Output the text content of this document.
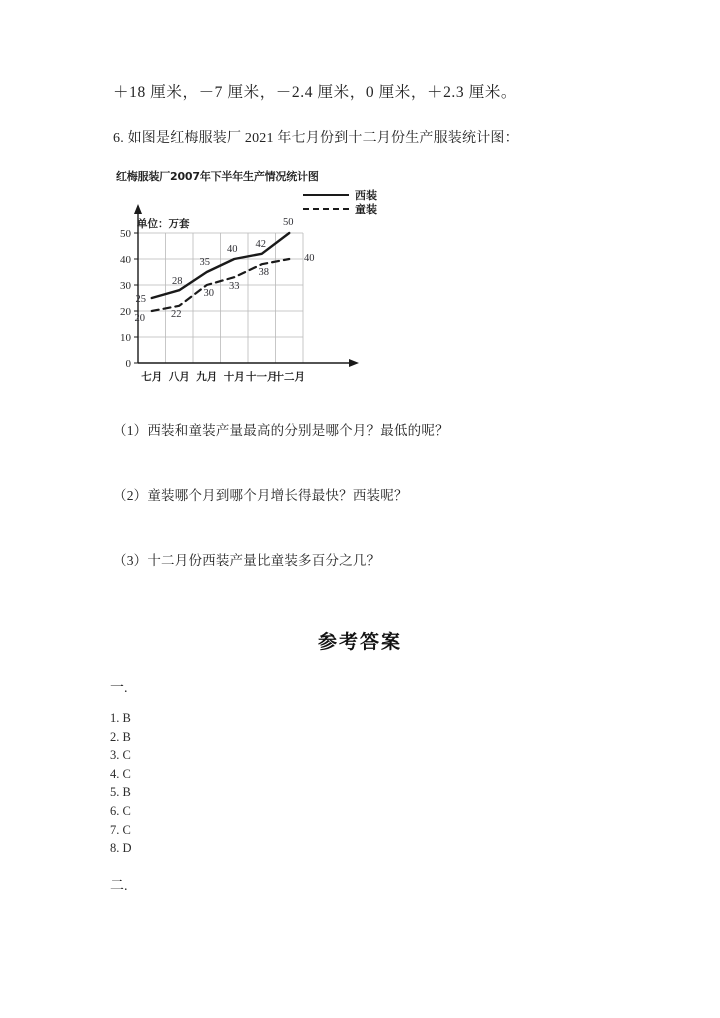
＋18 厘米，－7 厘米，－2.4 厘米，0 厘米，＋2.3 厘米。
6. 如图是红梅服装厂 2021 年七月份到十二月份生产服装统计图：
红梅服装厂2007年下半年生产情况统计图
西装
童装
单位：万套
0
10
20
30
40
50
七月 八月 九月 十月 十一月
十二月
25
28
35
40 42
50
20 22
30
33
38
40
（1）西装和童装产量最高的分别是哪个月？最低的呢？
（2）童装哪个月到哪个月增长得最快？西装呢？
（3）十二月份西装产量比童装多百分之几？
参考答案
一.
1. B
2. B
3. C
4. C
5. B
6. C
7. C
8. D
二.
